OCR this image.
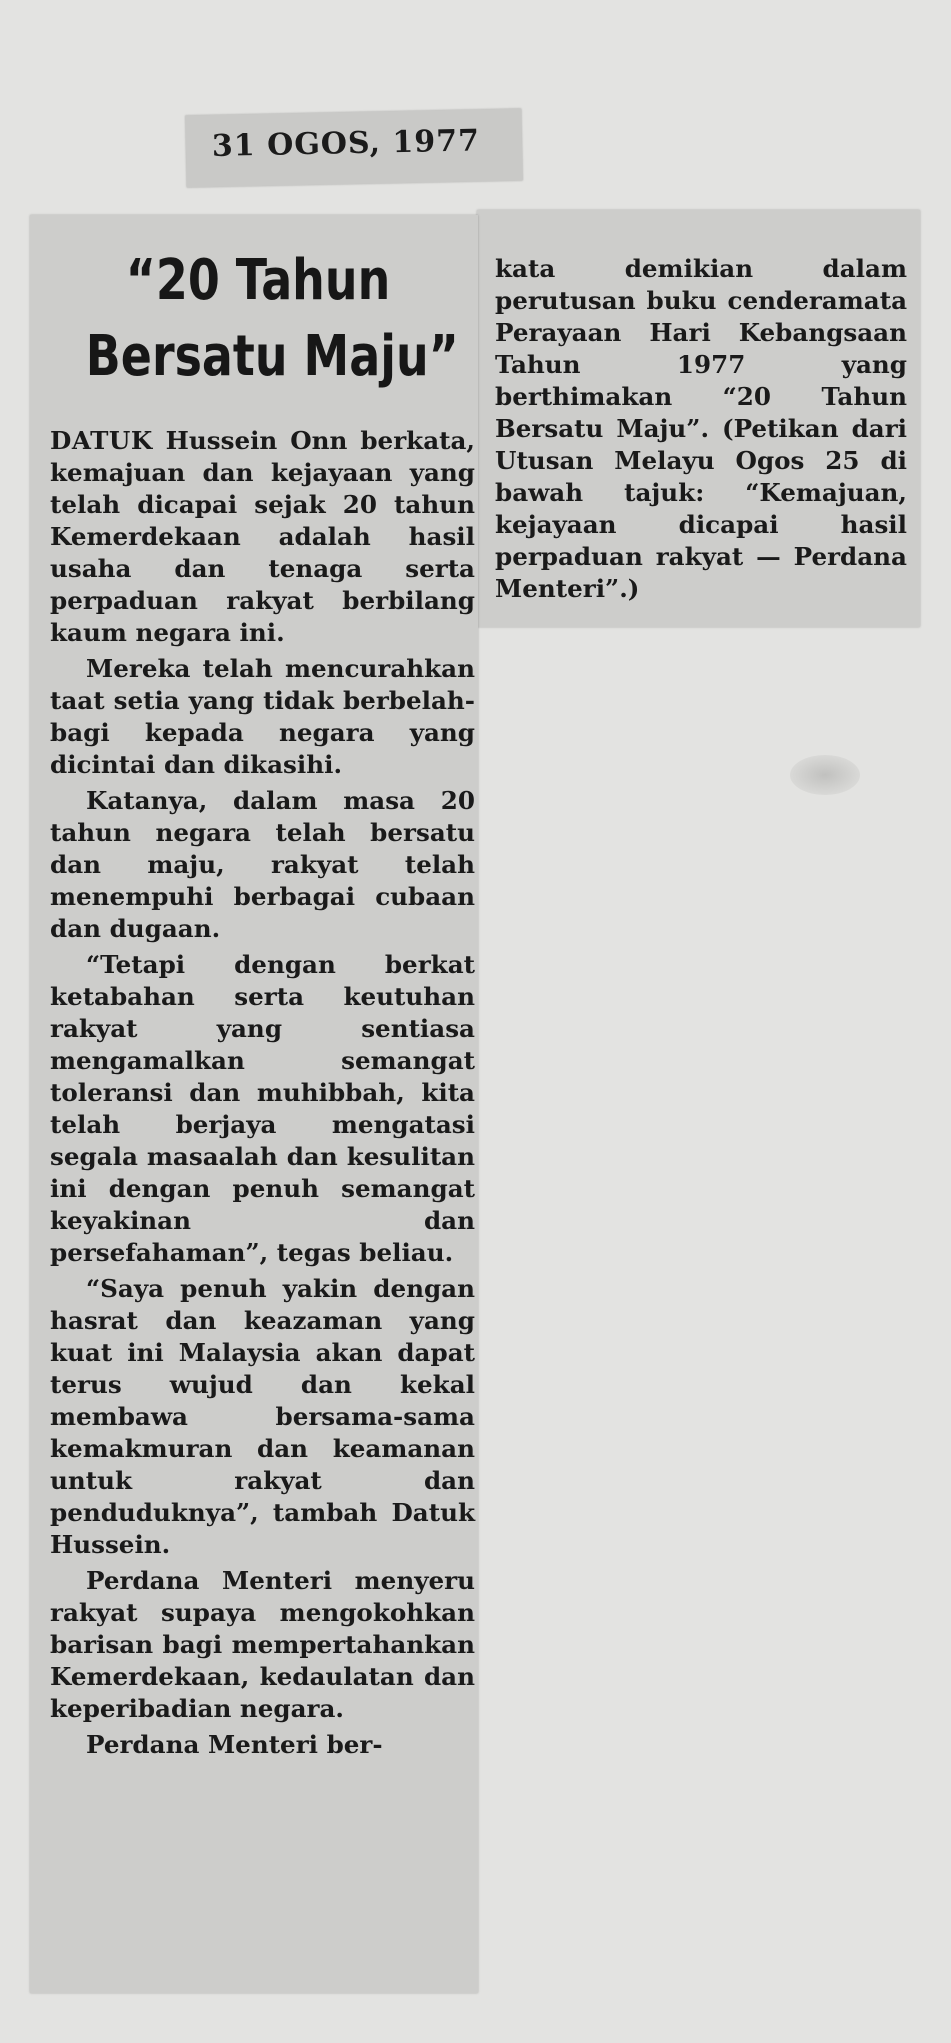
31 OGOS, 1977

kata demikian dalam perutusan buku cenderamata Perayaan Hari Kebangsaan Tahun 1977 yang berthimakan “20 Tahun Bersatu Maju”. (Petikan dari Utusan Melayu Ogos 25 di bawah tajuk: “Kemajuan, kejayaan dicapai hasil perpaduan rakyat — Perdana Menteri”.)

“20 Tahun
Bersatu Maju”

DATUK Hussein Onn berkata, kemajuan dan kejayaan yang telah dicapai sejak 20 tahun Kemerdekaan adalah hasil usaha dan tenaga serta perpaduan rakyat berbilang kaum negara ini.

Mereka telah mencurahkan taat setia yang tidak berbelah-bagi kepada negara yang dicintai dan dikasihi.

Katanya, dalam masa 20 tahun negara telah bersatu dan maju, rakyat telah menempuhi berbagai cubaan dan dugaan.

“Tetapi dengan berkat ketabahan serta keutuhan rakyat yang sentiasa mengamalkan semangat toleransi dan muhibbah, kita telah berjaya mengatasi segala masaalah dan kesulitan ini dengan penuh semangat keyakinan dan persefahaman”, tegas beliau.

“Saya penuh yakin dengan hasrat dan keazaman yang kuat ini Malaysia akan dapat terus wujud dan kekal membawa bersama-sama kemakmuran dan keamanan untuk rakyat dan penduduknya”, tambah Datuk Hussein.

Perdana Menteri menyeru rakyat supaya mengokohkan barisan bagi mempertahankan Kemerdekaan, kedaulatan dan keperibadian negara.

Perdana Menteri ber-
